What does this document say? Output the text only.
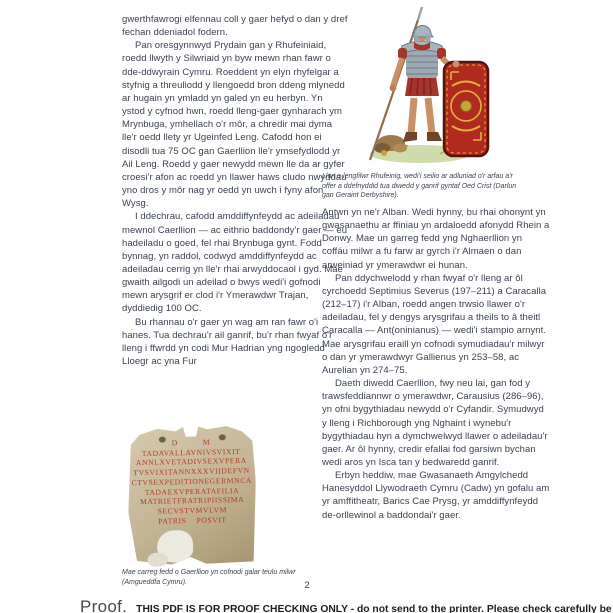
gwerthfawrogi elfennau coll y gaer hefyd o dan y dref fechan ddeniadol fodern.

Pan oresgynnwyd Prydain gan y Rhufeiniaid, roedd llwyth y Silwriaid yn byw mewn rhan fawr o dde-ddwyrain Cymru. Roeddent yn elyn rhyfelgar a styfnig a threuliodd y llengoedd bron ddeng mlynedd ar hugain yn ymladd yn galed yn eu herbyn. Yn ystod y cyfnod hwn, roedd lleng-gaer gynharach ym Mrynbuga, ymhellach o'r môr, a chredir mai dyma lle'r oedd llety yr Ugeinfed Leng. Cafodd hon ei disodli tua 75 OC gan Gaerllion lle'r ymsefydlodd yr Ail Leng. Roedd y gaer newydd mewn lle da ar gyfer croesi'r afon ac roedd yn llawer haws cludo nwyddau yno dros y môr nag yr oedd yn uwch i fyny afon Wysg.

I ddechrau, cafodd amddiffynfeydd ac adeiladau mewnol Caerllion — ac eithrio baddondy'r gaer — eu hadeiladu o goed, fel rhai Brynbuga gynt. Fodd bynnag, yn raddol, codwyd amddiffynfeydd ac adeiladau cerrig yn lle'r rhai arwyddocaol i gyd. Mae gwaith ailgodi un adeilad o bwys wedi'i gofnodi mewn arysgrif er clod i'r Ymerawdwr Trajan, dyddiedig 100 OC.

Bu rhannau o'r gaer yn wag am ran fawr o'i hanes. Tua dechrau'r ail ganrif, bu'r rhan fwyaf o'r lleng i ffwrdd yn codi Mur Hadrian yng ngogledd Lloegr ac yna Fur

Llun o lengfilwr Rhufeinig, wedi'i seilio ar adluniad o'r arfau a'r offer a ddefnyddid tua diwedd y ganrif gyntaf Oed Crist (Darlun gan Geraint Derbyshire).

Antwn yn ne'r Alban. Wedi hynny, bu rhai ohonynt yn gwasanaethu ar ffiniau yn ardaloedd afonydd Rhein a Donwy. Mae un garreg fedd yng Nghaerllion yn coffáu milwr a fu farw ar gyrch i'r Almaen o dan arweiniad yr ymerawdwr ei hunan.

Pan ddychwelodd y rhan fwyaf o'r lleng ar ôl cyrchoedd Septimius Severus (197–211) a Caracalla (212–17) i'r Alban, roedd angen trwsio llawer o'r adeiladau, fel y dengys arysgrifau a theils to â theitl Caracalla — Ant(oninianus) — wedi'i stampio arnynt. Mae arysgrifau eraill yn cofnodi symudiadau'r milwyr o dan yr ymerawdwyr Gallienus yn 253–58, ac Aurelian yn 274–75.

Daeth diwedd Caerllion, fwy neu lai, gan fod y trawsfeddiannwr o ymerawdwr, Carausius (286–96), yn ofni bygythiadau newydd o'r Cyfandir. Symudwyd y lleng i Richborough yng Nghaint i wynebu'r bygythiadau hyn a dymchwelwyd llawer o adeiladau'r gaer. Ar ôl hynny, credir efallai fod garsiwn bychan wedi aros yn Isca tan y bedwaredd ganrif.

Erbyn heddiw, mae Gwasanaeth Amgylchedd Hanesyddol Llywodraeth Cymru (Cadw) yn gofalu am yr amffitheatr, Barics Cae Prysg, yr amddiffynfeydd de-orllewinol a baddondai'r gaer.

D          M
TADAVALLAVNIVSVIXIT
ANNLXVETADIVSEXVPERA
TVSVIXITANNXXXVIIDEFVN
CTVSEXPEDITIONEGERMNCA
TADAEXVPERATAFILIA
MATRIETFRATRIPIISSIMA
SECVSTVMVLVM
PATRIS    POSVIT
Mae carreg fedd o Gaerllion yn cofnodi galar teulu milwr (Amgueddfa Cymru).	2
Proof. THIS PDF IS FOR PROOF CHECKING ONLY - do not send to the printer. Please check carefully be
